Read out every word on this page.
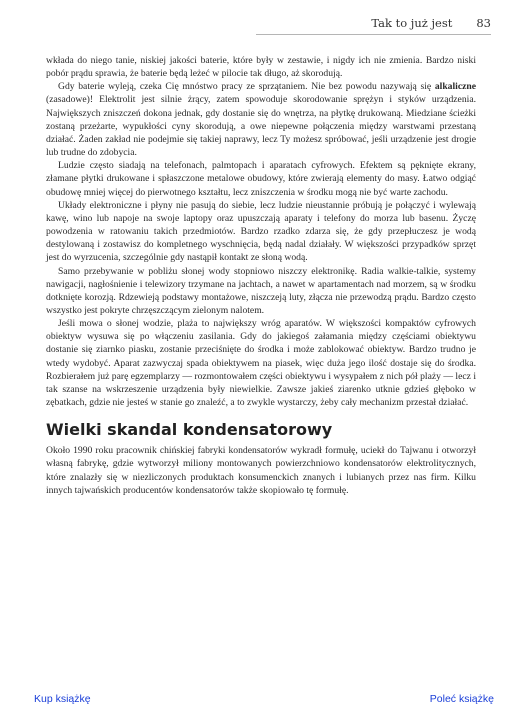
Tak to już jest 83

wkłada do niego tanie, niskiej jakości baterie, które były w zestawie, i nigdy ich nie zmienia. Bardzo niski pobór prądu sprawia, że baterie będą leżeć w pilocie tak długo, aż skorodują.

Gdy baterie wyleją, czeka Cię mnóstwo pracy ze sprzątaniem. Nie bez powodu nazywają się alkaliczne (zasadowe)! Elektrolit jest silnie żrący, zatem spowoduje skorodowanie sprężyn i styków urządzenia. Największych zniszczeń dokona jednak, gdy dostanie się do wnętrza, na płytkę drukowaną. Miedziane ścieżki zostaną przeżarte, wypukłości cyny skorodują, a owe niepewne połączenia między warstwami przestaną działać. Żaden zakład nie podejmie się takiej naprawy, lecz Ty możesz spróbować, jeśli urządzenie jest drogie lub trudne do zdobycia.

Ludzie często siadają na telefonach, palmtopach i aparatach cyfrowych. Efektem są pęknięte ekrany, złamane płytki drukowane i spłaszczone metalowe obudowy, które zwierają elementy do masy. Łatwo odgiąć obudowę mniej więcej do pierwotnego kształtu, lecz zniszczenia w środku mogą nie być warte zachodu.

Układy elektroniczne i płyny nie pasują do siebie, lecz ludzie nieustannie próbują je połączyć i wylewają kawę, wino lub napoje na swoje laptopy oraz upuszczają aparaty i telefony do morza lub basenu. Życzę powodzenia w ratowaniu takich przedmiotów. Bardzo rzadko zdarza się, że gdy przepłuczesz je wodą destylowaną i zostawisz do kompletnego wyschnięcia, będą nadal działały. W większości przypadków sprzęt jest do wyrzucenia, szczególnie gdy nastąpił kontakt ze słoną wodą.

Samo przebywanie w pobliżu słonej wody stopniowo niszczy elektronikę. Radia walkie-talkie, systemy nawigacji, nagłośnienie i telewizory trzymane na jachtach, a nawet w apartamentach nad morzem, są w środku dotknięte korozją. Rdzewieją podstawy montażowe, niszczeją luty, złącza nie przewodzą prądu. Bardzo często wszystko jest pokryte chrzęszczącym zielonym nalotem.

Jeśli mowa o słonej wodzie, plaża to największy wróg aparatów. W większości kompaktów cyfrowych obiektyw wysuwa się po włączeniu zasilania. Gdy do jakiegoś załamania między częściami obiektywu dostanie się ziarnko piasku, zostanie przeciśnięte do środka i może zablokować obiektyw. Bardzo trudno je wtedy wydobyć. Aparat zazwyczaj spada obiektywem na piasek, więc duża jego ilość dostaje się do środka. Rozbierałem już parę egzemplarzy — rozmontowałem części obiektywu i wysypałem z nich pół plaży — lecz i tak szanse na wskrzeszenie urządzenia były niewielkie. Zawsze jakieś ziarenko utknie gdzieś głęboko w zębatkach, gdzie nie jesteś w stanie go znaleźć, a to zwykle wystarczy, żeby cały mechanizm przestał działać.

Wielki skandal kondensatorowy

Około 1990 roku pracownik chińskiej fabryki kondensatorów wykradł formułę, uciekł do Tajwanu i otworzył własną fabrykę, gdzie wytworzył miliony montowanych powierzchniowo kondensatorów elektrolitycznych, które znalazły się w niezliczonych produktach konsumenckich znanych i lubianych przez nas firm. Kilku innych tajwańskich producentów kondensatorów także skopiowało tę formułę.

Kup książkę	Poleć książkę
